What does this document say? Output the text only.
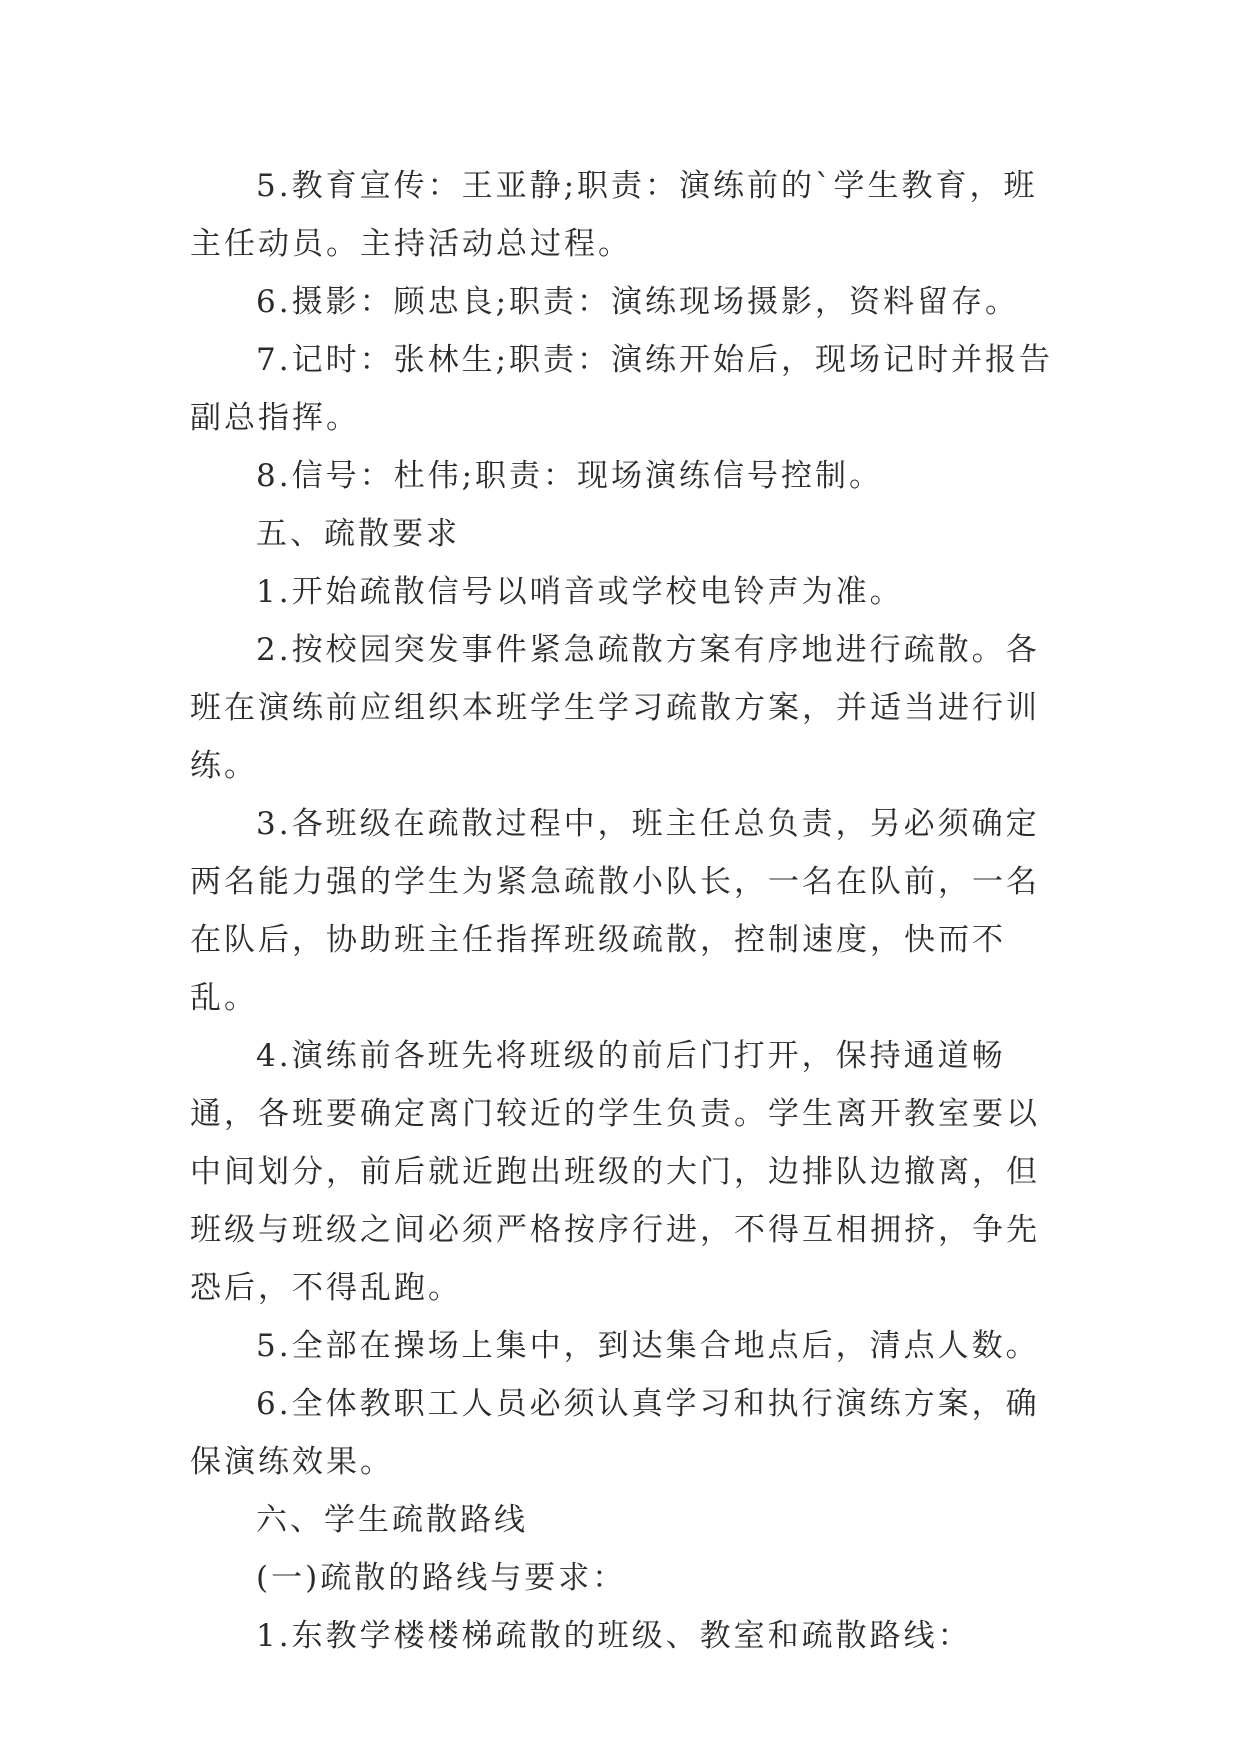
5.教育宣传：王亚静;职责：演练前的`学生教育，班主任动员。主持活动总过程。

6.摄影：顾忠良;职责：演练现场摄影，资料留存。

7.记时：张林生;职责：演练开始后，现场记时并报告副总指挥。

8.信号：杜伟;职责：现场演练信号控制。

五、疏散要求

1.开始疏散信号以哨音或学校电铃声为准。

2.按校园突发事件紧急疏散方案有序地进行疏散。各班在演练前应组织本班学生学习疏散方案，并适当进行训练。

3.各班级在疏散过程中，班主任总负责，另必须确定两名能力强的学生为紧急疏散小队长，一名在队前，一名在队后，协助班主任指挥班级疏散，控制速度，快而不乱。

4.演练前各班先将班级的前后门打开，保持通道畅通，各班要确定离门较近的学生负责。学生离开教室要以中间划分，前后就近跑出班级的大门，边排队边撤离，但班级与班级之间必须严格按序行进，不得互相拥挤，争先恐后，不得乱跑。

5.全部在操场上集中，到达集合地点后，清点人数。

6.全体教职工人员必须认真学习和执行演练方案，确保演练效果。

六、学生疏散路线

(一)疏散的路线与要求：

1.东教学楼楼梯疏散的班级、教室和疏散路线：
